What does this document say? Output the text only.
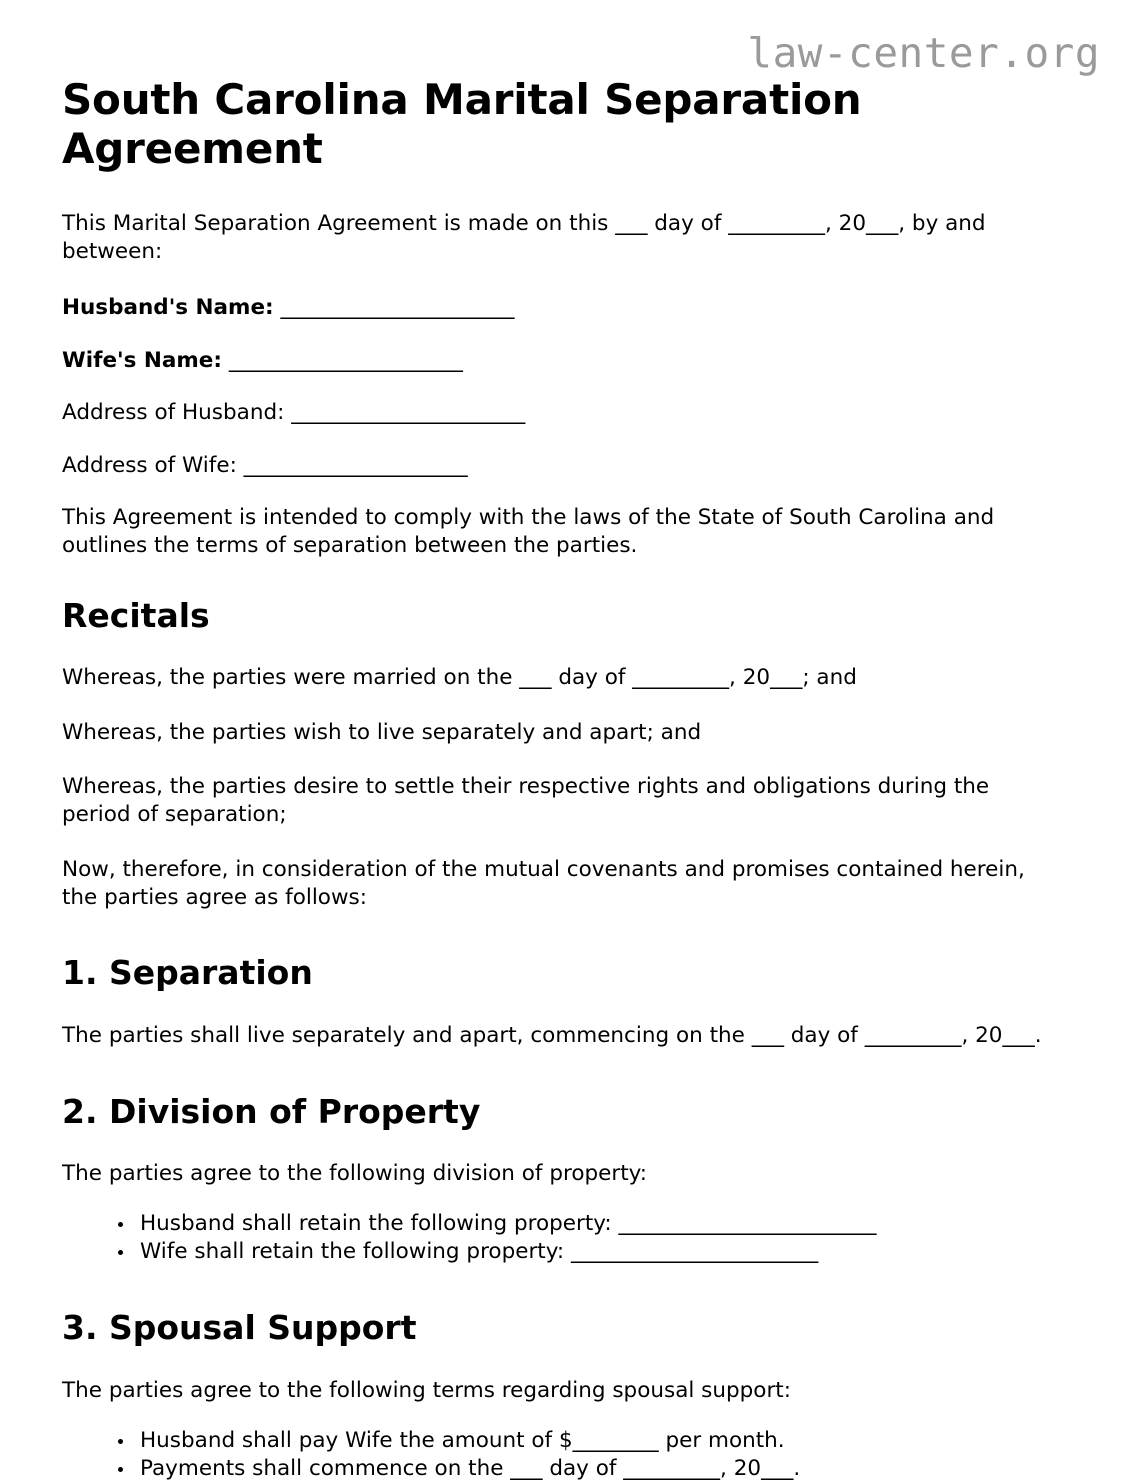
law-center.org
South Carolina Marital Separation Agreement

This Marital Separation Agreement is made on this ___ day of _________, 20___, by and between:

Husband's Name: _______________________

Wife's Name: _______________________

Address of Husband: _______________________

Address of Wife: ______________________

This Agreement is intended to comply with the laws of the State of South Carolina and outlines the terms of separation between the parties.

Recitals

Whereas, the parties were married on the ___ day of _________, 20___; and

Whereas, the parties wish to live separately and apart; and

Whereas, the parties desire to settle their respective rights and obligations during the period of separation;

Now, therefore, in consideration of the mutual covenants and promises contained herein, the parties agree as follows:

1. Separation

The parties shall live separately and apart, commencing on the ___ day of _________, 20___.

2. Division of Property

The parties agree to the following division of property:

Husband shall retain the following property: ________________________
Wife shall retain the following property: _______________________
3. Spousal Support

The parties agree to the following terms regarding spousal support:

Husband shall pay Wife the amount of $________ per month.
Payments shall commence on the ___ day of _________, 20___.
